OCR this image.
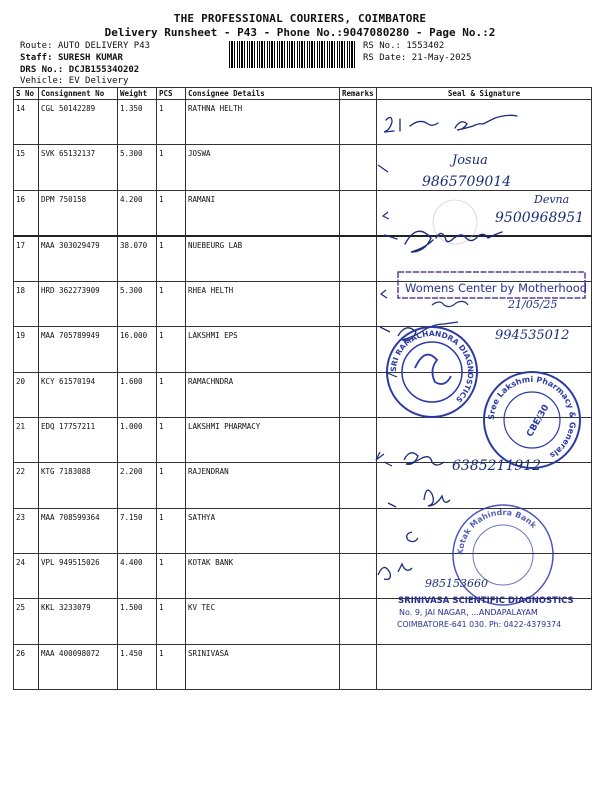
THE PROFESSIONAL COURIERS, COIMBATORE
Delivery Runsheet - P43 - Phone No.:9047080280 - Page No.:2
Route: AUTO DELIVERY P43
Staff: SURESH KUMAR
DRS No.: DCJB15534O202
Vehicle: EV Delivery
RS No.: 1553402
RS Date: 21-May-2025
S No	Consignment No	Weight	PCS	Consignee Details	Remarks	Seal & Signature
14	CGL 50142289	1.350	1	RATHNA HELTH		
15	SVK 65132137	5.300	1	JOSWA		
16	DPM 750158	4.200	1	RAMANI		
17	MAA 303029479	38.070	1	NUEBEURG LAB		
18	HRD 362273909	5.300	1	RHEA HELTH		
19	MAA 705789949	16.000	1	LAKSHMI EPS		
20	KCY 61570194	1.600	1	RAMACHNDRA		
21	EDQ 17757211	1.000	1	LAKSHMI PHARMACY		
22	KTG 7183088	2.200	1	RAJENDRAN		
23	MAA 708599364	7.150	1	SATHYA		
24	VPL 949515026	4.400	1	KOTAK BANK		
25	KKL 3233079	1.500	1	KV TEC		
26	MAA 400098072	1.450	1	SRINIVASA		
Josua
9865709014
Devna
9500968951
Womens Center by Motherhood
21/05/25
994535012
SRI RAMACHANDRA DIAGNOSTICS
Sree Lakshmi Pharmacy & Generals
CBE/30
6385211912
Kotak Mahindra Bank
985153660
SRINIVASA SCIENTIFIC DIAGNOSTICS
No. 9, JAI NAGAR, ...ANDAPALAYAM
COIMBATORE-641 030. Ph: 0422-4379374
